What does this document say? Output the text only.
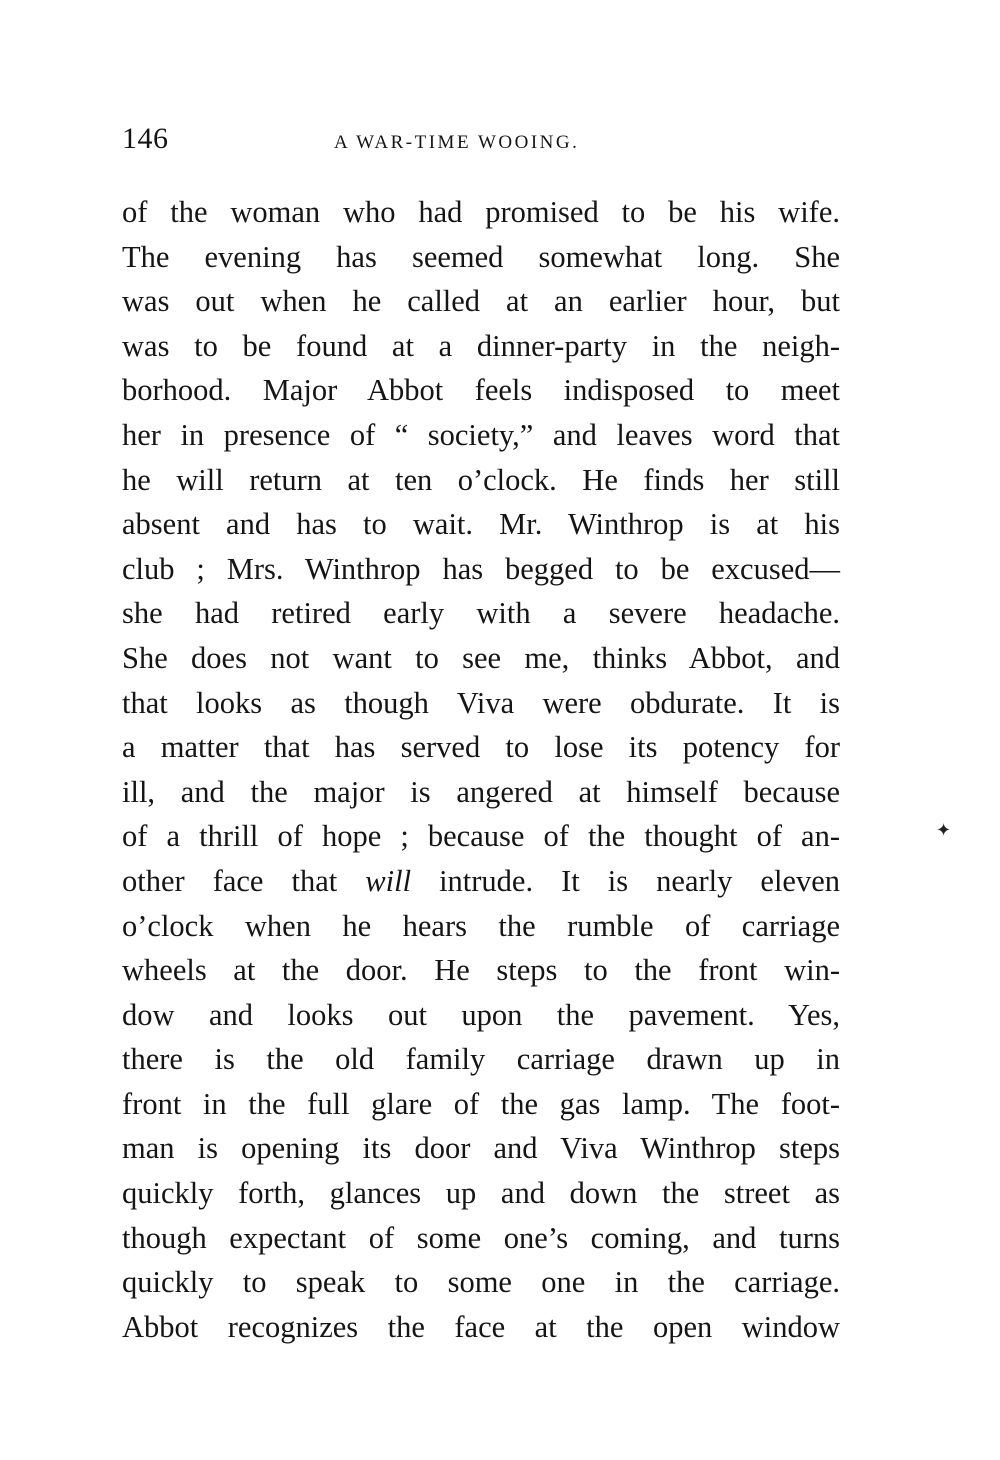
146	A WAR-TIME WOOING.
of the woman who had promised to be his wife.
The evening has seemed somewhat long. She
was out when he called at an earlier hour, but
was to be found at a dinner-party in the neigh-
borhood. Major Abbot feels indisposed to meet
her in presence of “ society,” and leaves word that
he will return at ten o’clock. He finds her still
absent and has to wait. Mr. Winthrop is at his
club ; Mrs. Winthrop has begged to be excused—
she had retired early with a severe headache.
She does not want to see me, thinks Abbot, and
that looks as though Viva were obdurate. It is
a matter that has served to lose its potency for
ill, and the major is angered at himself because
of a thrill of hope ; because of the thought of an-
other face that will intrude. It is nearly eleven
o’clock when he hears the rumble of carriage
wheels at the door. He steps to the front win-
dow and looks out upon the pavement. Yes,
there is the old family carriage drawn up in
front in the full glare of the gas lamp. The foot-
man is opening its door and Viva Winthrop steps
quickly forth, glances up and down the street as
though expectant of some one’s coming, and turns
quickly to speak to some one in the carriage.
Abbot recognizes the face at the open window
✦
